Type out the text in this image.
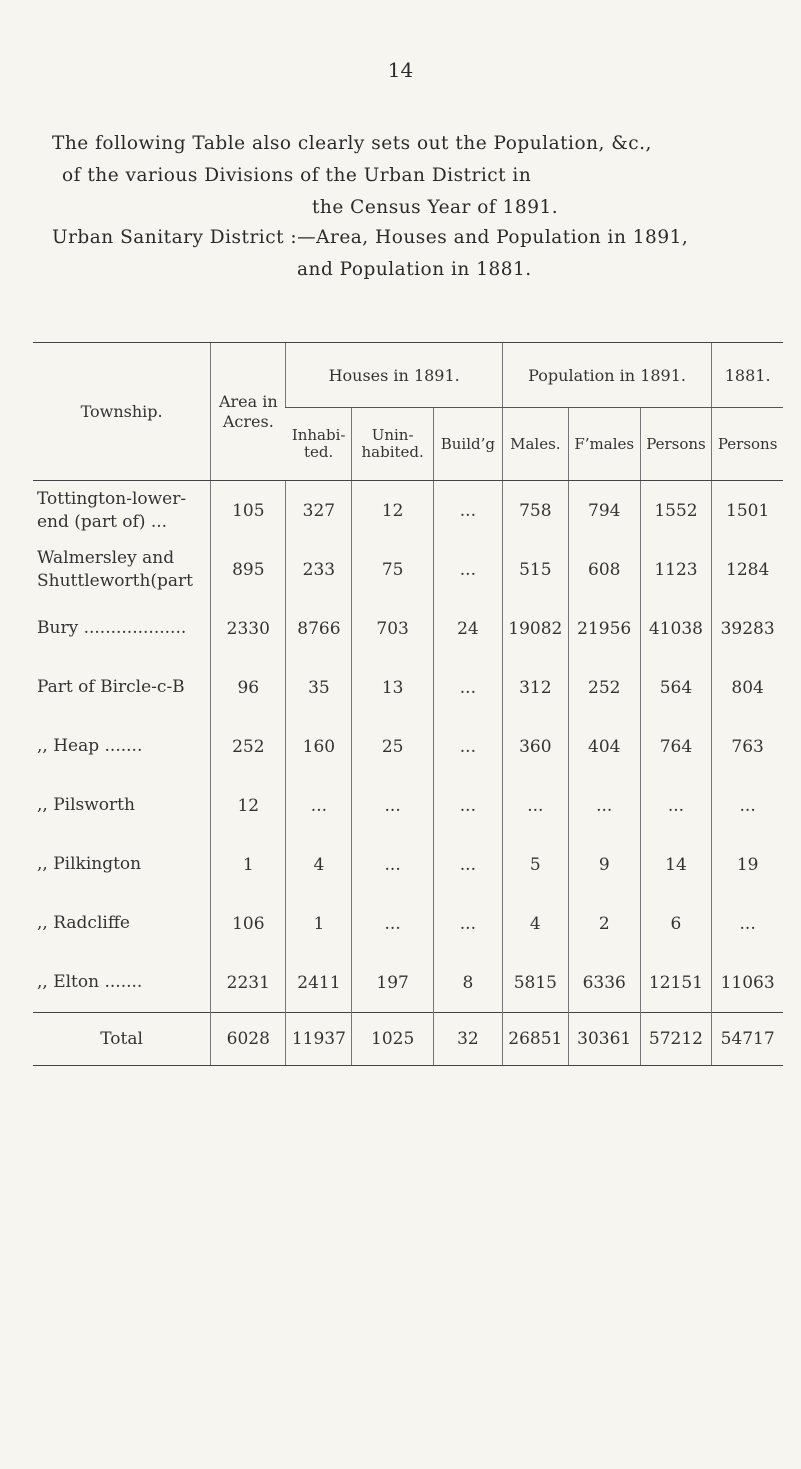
14
The following Table also clearly sets out the Population, &c.,
of the various Divisions of the Urban District in
the Census Year of 1891.
Urban Sanitary District :—Area, Houses and Population in 1891,
and Population in 1881.
Township.	Area in Acres.	Houses in 1891.			Population in 1891.			1881.
		Inhabi-ted.	Unin-habited.	Build’g	Males.	F’males	Persons	Persons

Tottington-lower-
end (part of) ...	105	327	12	...	758	794	1552	1501

Walmersley and
Shuttleworth(part	895	233	75	...	515	608	1123	1284
Bury ...................	2330	8766	703	24	19082	21956	41038	39283
Part of Bircle-c-B	96	35	13	...	312	252	564	804
,, Heap .......	252	160	25	...	360	404	764	763
,, Pilsworth	12	...	...	...	...	...	...	...
,, Pilkington	1	4	...	...	5	9	14	19
,, Radcliffe	106	1	...	...	4	2	6	...
,, Elton .......	2231	2411	197	8	5815	6336	12151	11063
Total	6028	11937	1025	32	26851	30361	57212	54717
